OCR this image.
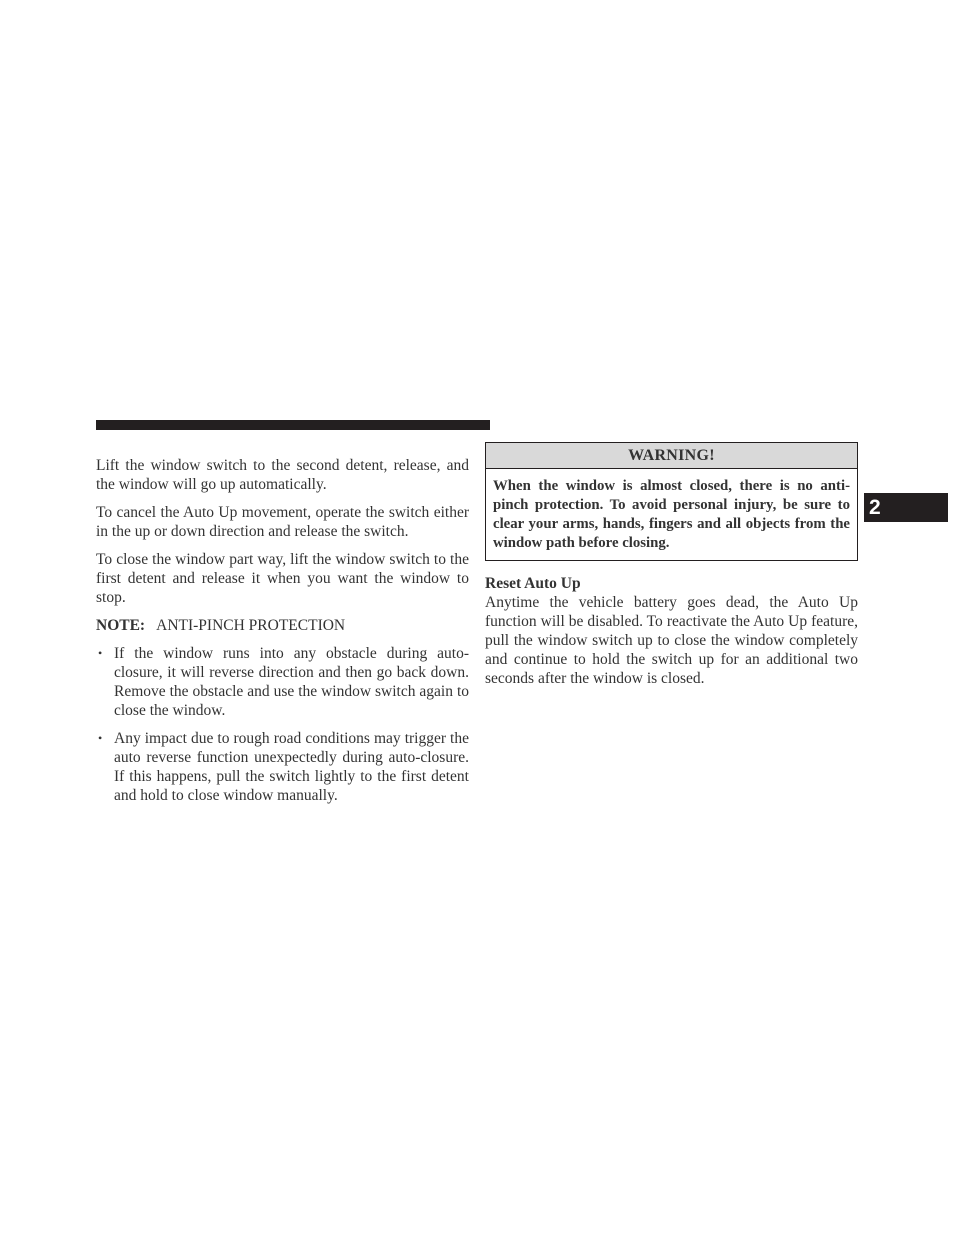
Lift the window switch to the second detent, release, and the window will go up automatically.

To cancel the Auto Up movement, operate the switch either in the up or down direction and release the switch.

To close the window part way, lift the window switch to the first detent and release it when you want the window to stop.

NOTE: ANTI-PINCH PROTECTION
• If the window runs into any obstacle during auto-closure, it will reverse direction and then go back down. Remove the obstacle and use the window switch again to close the window.
• Any impact due to rough road conditions may trigger the auto reverse function unexpectedly during auto-closure. If this happens, pull the switch lightly to the first detent and hold to close window manually.
WARNING!
When the window is almost closed, there is no anti-pinch protection. To avoid personal injury, be sure to clear your arms, hands, fingers and all objects from the window path before closing.
Reset Auto Up

Anytime the vehicle battery goes dead, the Auto Up function will be disabled. To reactivate the Auto Up feature, pull the window switch up to close the window completely and continue to hold the switch up for an additional two seconds after the window is closed.

2
